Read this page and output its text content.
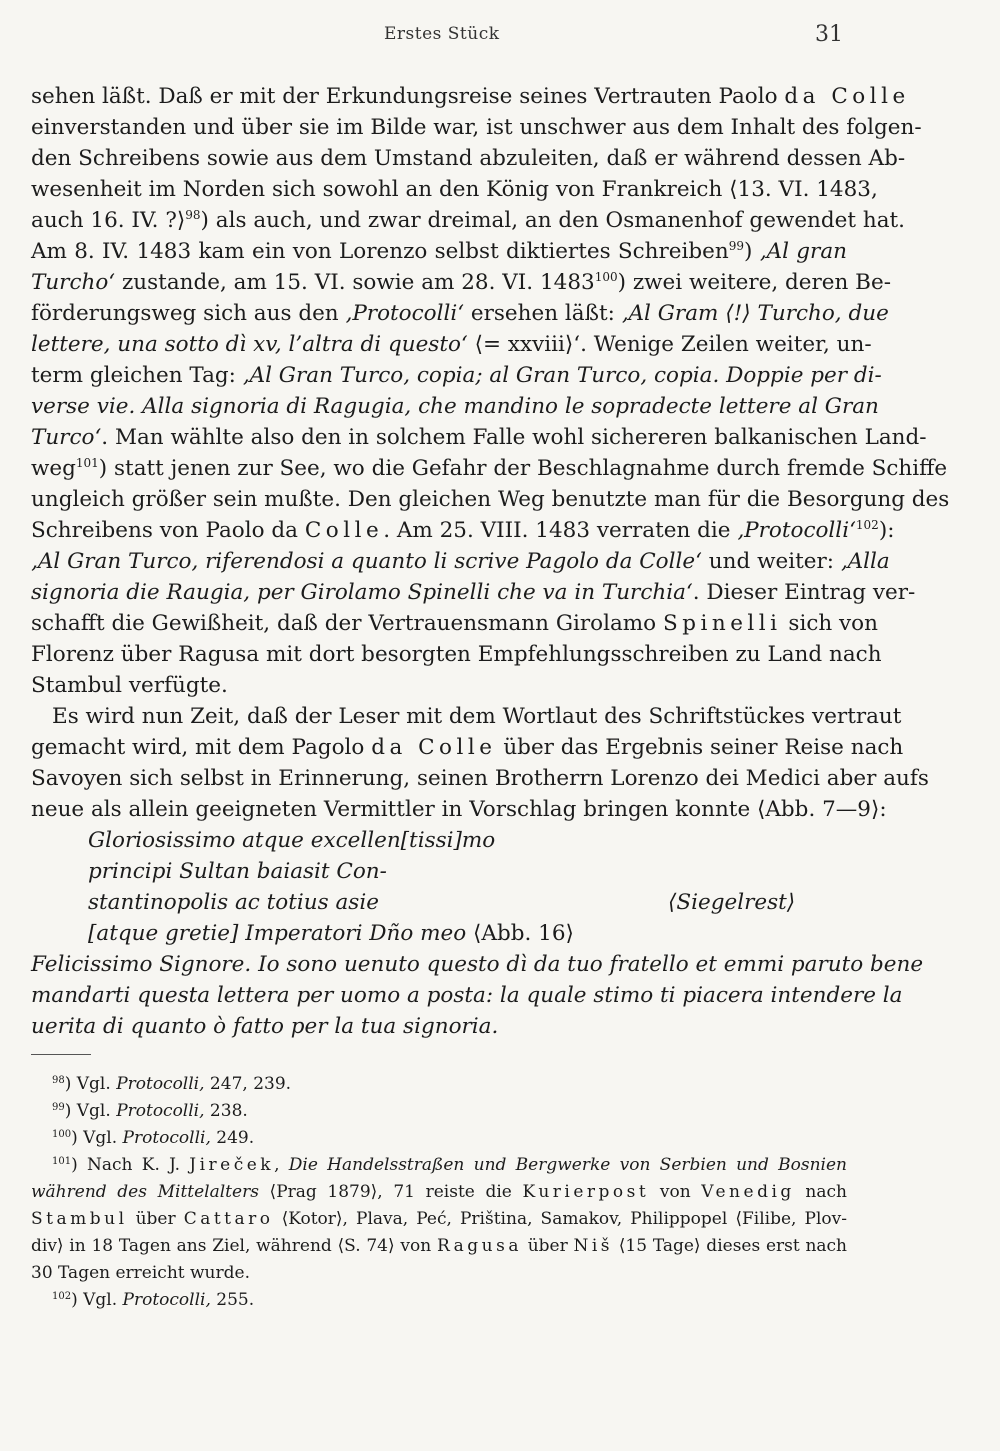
Erstes Stück	31
sehen läßt. Daß er mit der Erkundungsreise seines Vertrauten Paolo da Colle
einverstanden und über sie im Bilde war, ist unschwer aus dem Inhalt des folgen-
den Schreibens sowie aus dem Umstand abzuleiten, daß er während dessen Ab-
wesenheit im Norden sich sowohl an den König von Frankreich ⟨13. VI. 1483,
auch 16. IV. ?⟩$^{98}$) als auch, und zwar dreimal, an den Osmanenhof gewendet hat.
Am 8. IV. 1483 kam ein von Lorenzo selbst diktiertes Schreiben$^{99}$) ‚Al gran
Turcho‘ zustande, am 15. VI. sowie am 28. VI. 1483$^{100}$) zwei weitere, deren Be-
förderungsweg sich aus den ‚Protocolli‘ ersehen läßt: ‚Al Gram ⟨!⟩ Turcho, due
lettere, una sotto dì xv, l’altra di questo‘ ⟨= xxviii⟩‘. Wenige Zeilen weiter, un-
term gleichen Tag: ‚Al Gran Turco, copia; al Gran Turco, copia. Doppie per di-
verse vie. Alla signoria di Ragugia, che mandino le sopradecte lettere al Gran
Turco‘. Man wählte also den in solchem Falle wohl sichereren balkanischen Land-
weg$^{101}$) statt jenen zur See, wo die Gefahr der Beschlagnahme durch fremde Schiffe
ungleich größer sein mußte. Den gleichen Weg benutzte man für die Besorgung des
Schreibens von Paolo da Colle. Am 25. VIII. 1483 verraten die ‚Protocolli‘$^{102}$):
‚Al Gran Turco, riferendosi a quanto li scrive Pagolo da Colle‘ und weiter: ‚Alla
signoria die Raugia, per Girolamo Spinelli che va in Turchia‘. Dieser Eintrag ver-
schafft die Gewißheit, daß der Vertrauensmann Girolamo Spinelli sich von
Florenz über Ragusa mit dort besorgten Empfehlungsschreiben zu Land nach
Stambul verfügte.
Es wird nun Zeit, daß der Leser mit dem Wortlaut des Schriftstückes vertraut
gemacht wird, mit dem Pagolo da Colle über das Ergebnis seiner Reise nach
Savoyen sich selbst in Erinnerung, seinen Brotherrn Lorenzo dei Medici aber aufs
neue als allein geeigneten Vermittler in Vorschlag bringen konnte ⟨Abb. 7—9⟩:
Gloriosissimo atque excellen[tissi]mo
principi Sultan baiasit Con-
stantinopolis ac totius asie	⟨Siegelrest⟩
[atque gretie] Imperatori Dño meo ⟨Abb. 16⟩
Felicissimo Signore. Io sono uenuto questo dì da tuo fratello et emmi paruto bene
mandarti questa lettera per uomo a posta: la quale stimo ti piacera intendere la
uerita di quanto ò fatto per la tua signoria.
$^{98}$) Vgl. Protocolli, 247, 239.
$^{99}$) Vgl. Protocolli, 238.
$^{100}$) Vgl. Protocolli, 249.
$^{101}$) Nach K. J. Jireček, Die Handelsstraßen und Bergwerke von Serbien und Bosnien
während des Mittelalters ⟨Prag 1879⟩, 71 reiste die Kurierpost von Venedig nach
Stambul über Cattaro ⟨Kotor⟩, Plava, Peć, Priština, Samakov, Philippopel ⟨Filibe, Plov-
div⟩ in 18 Tagen ans Ziel, während ⟨S. 74⟩ von Ragusa über Niš ⟨15 Tage⟩ dieses erst nach
30 Tagen erreicht wurde.
$^{102}$) Vgl. Protocolli, 255.
